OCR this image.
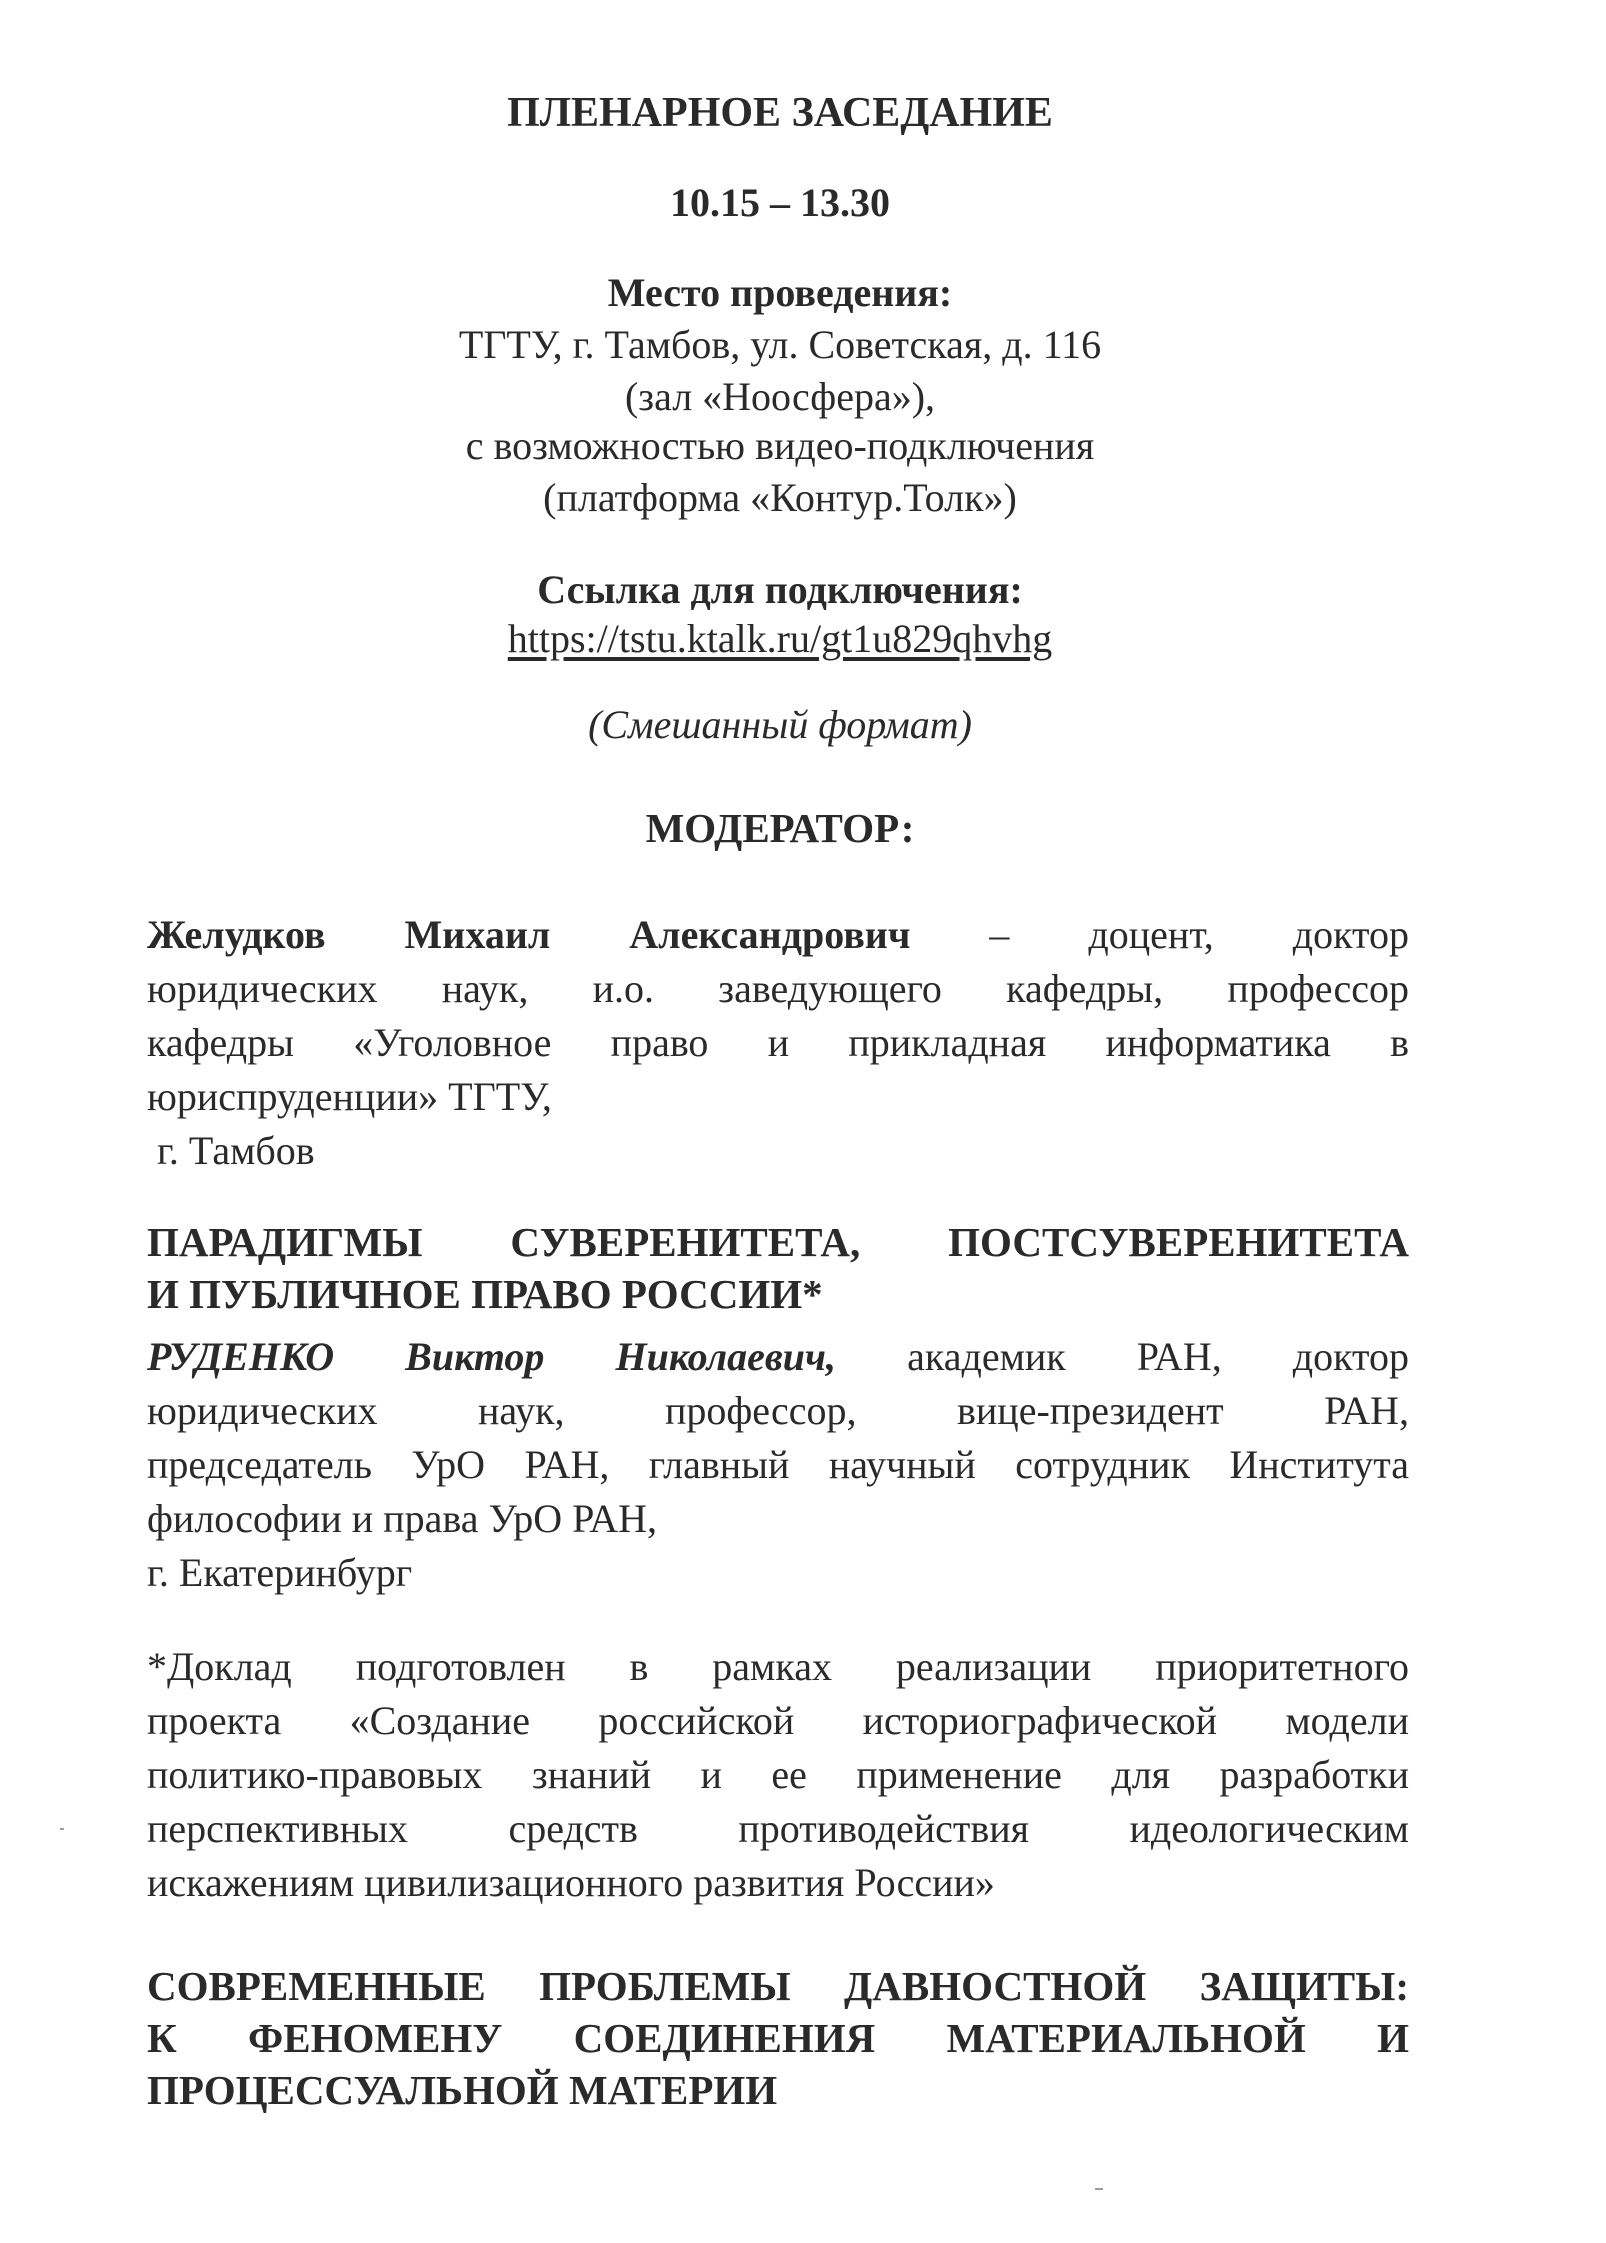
ПЛЕНАРНОЕ ЗАСЕДАНИЕ
10.15 – 13.30
Место проведения:
ТГТУ, г. Тамбов, ул. Советская, д. 116
(зал «Ноосфера»),
с возможностью видео-подключения
(платформа «Контур.Толк»)
Ссылка для подключения:
https://tstu.ktalk.ru/gt1u829qhvhg
(Смешанный формат)
МОДЕРАТОР:
Желудков Михаил Александрович – доцент, доктор
юридических наук, и.о. заведующего кафедры, профессор
кафедры «Уголовное право и прикладная информатика в
юриспруденции» ТГТУ,
г. Тамбов
ПАРАДИГМЫ СУВЕРЕНИТЕТА, ПОСТСУВЕРЕНИТЕТА
И ПУБЛИЧНОЕ ПРАВО РОССИИ*
РУДЕНКО Виктор Николаевич, академик РАН, доктор
юридических наук, профессор, вице-президент РАН,
председатель УрО РАН, главный научный сотрудник Института
философии и права УрО РАН,
г. Екатеринбург
*Доклад подготовлен в рамках реализации приоритетного
проекта «Создание российской историографической модели
политико-правовых знаний и ее применение для разработки
перспективных средств противодействия идеологическим
искажениям цивилизационного развития России»
СОВРЕМЕННЫЕ ПРОБЛЕМЫ ДАВНОСТНОЙ ЗАЩИТЫ:
К ФЕНОМЕНУ СОЕДИНЕНИЯ МАТЕРИАЛЬНОЙ И
ПРОЦЕССУАЛЬНОЙ МАТЕРИИ
